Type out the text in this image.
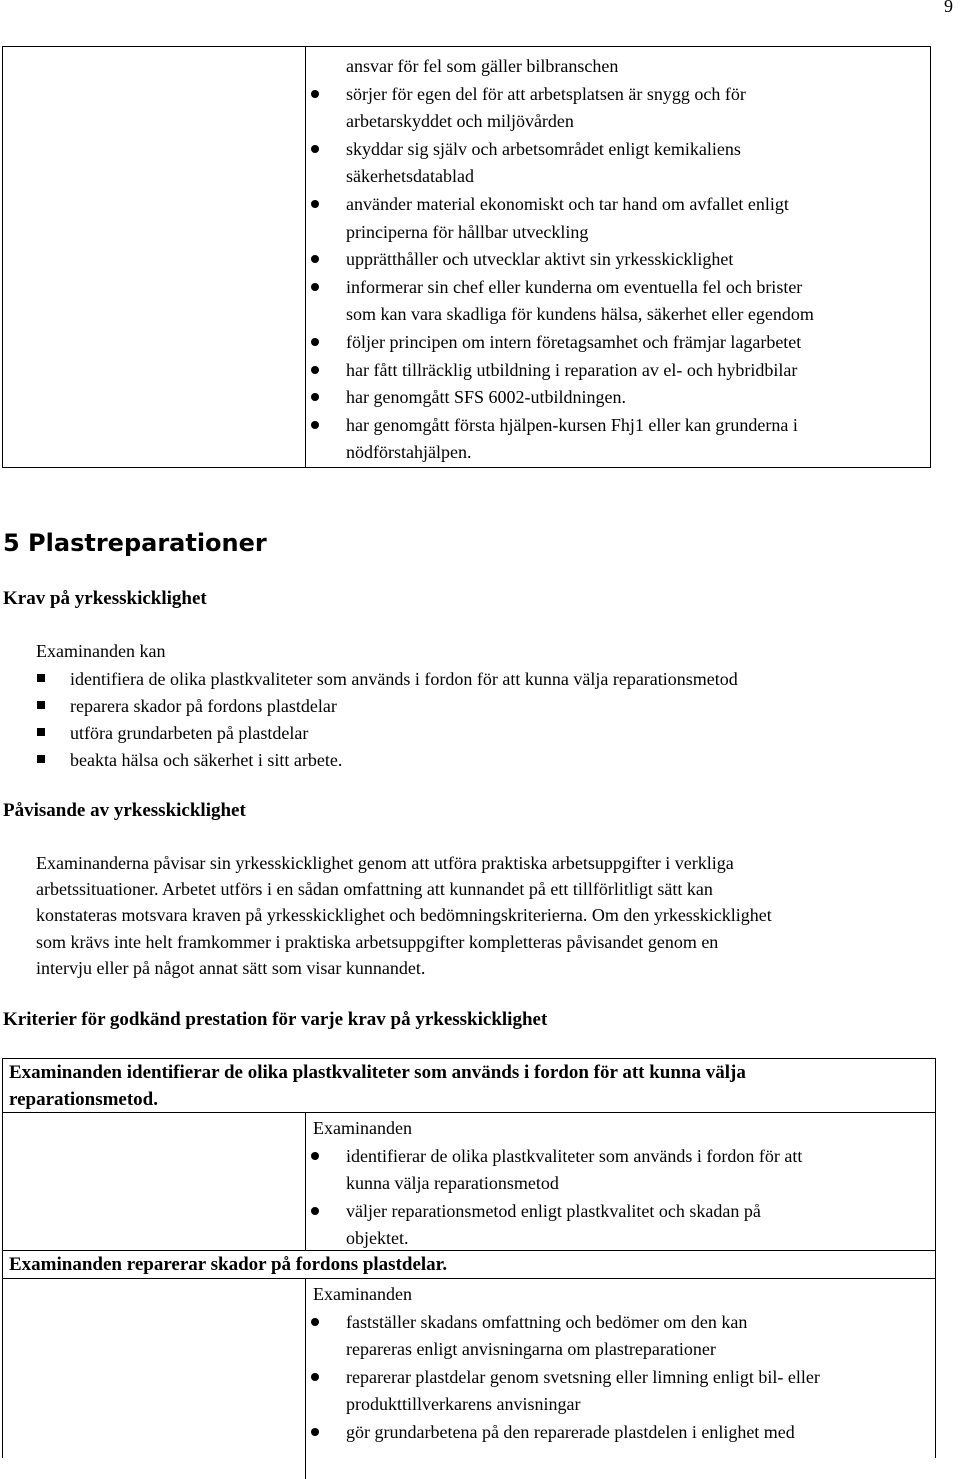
9
ansvar för fel som gäller bilbranschen
sörjer för egen del för att arbetsplatsen är snygg och för
arbetarskyddet och miljövården
skyddar sig själv och arbetsområdet enligt kemikaliens
säkerhetsdatablad
använder material ekonomiskt och tar hand om avfallet enligt
principerna för hållbar utveckling
upprätthåller och utvecklar aktivt sin yrkesskicklighet
informerar sin chef eller kunderna om eventuella fel och brister
som kan vara skadliga för kundens hälsa, säkerhet eller egendom
följer principen om intern företagsamhet och främjar lagarbetet
har fått tillräcklig utbildning i reparation av el- och hybridbilar
har genomgått SFS 6002-utbildningen.
har genomgått första hjälpen-kursen Fhj1 eller kan grunderna i
nödförstahjälpen.
5 Plastreparationer
Krav på yrkesskicklighet
Examinanden kan
identifiera de olika plastkvaliteter som används i fordon för att kunna välja reparationsmetod
reparera skador på fordons plastdelar
utföra grundarbeten på plastdelar
beakta hälsa och säkerhet i sitt arbete.
Påvisande av yrkesskicklighet

Examinanderna påvisar sin yrkesskicklighet genom att utföra praktiska arbetsuppgifter i verkliga
arbetssituationer. Arbetet utförs i en sådan omfattning att kunnandet på ett tillförlitligt sätt kan
konstateras motsvara kraven på yrkesskicklighet och bedömningskriterierna. Om den yrkesskicklighet
som krävs inte helt framkommer i praktiska arbetsuppgifter kompletteras påvisandet genom en
intervju eller på något annat sätt som visar kunnandet.

Kriterier för godkänd prestation för varje krav på yrkesskicklighet
Examinanden identifierar de olika plastkvaliteter som används i fordon för att kunna välja
reparationsmetod.
Examinanden
identifierar de olika plastkvaliteter som används i fordon för att
kunna välja reparationsmetod
väljer reparationsmetod enligt plastkvalitet och skadan på
objektet.
Examinanden reparerar skador på fordons plastdelar.
Examinanden
fastställer skadans omfattning och bedömer om den kan
repareras enligt anvisningarna om plastreparationer
reparerar plastdelar genom svetsning eller limning enligt bil- eller
produkttillverkarens anvisningar
gör grundarbetena på den reparerade plastdelen i enlighet med
